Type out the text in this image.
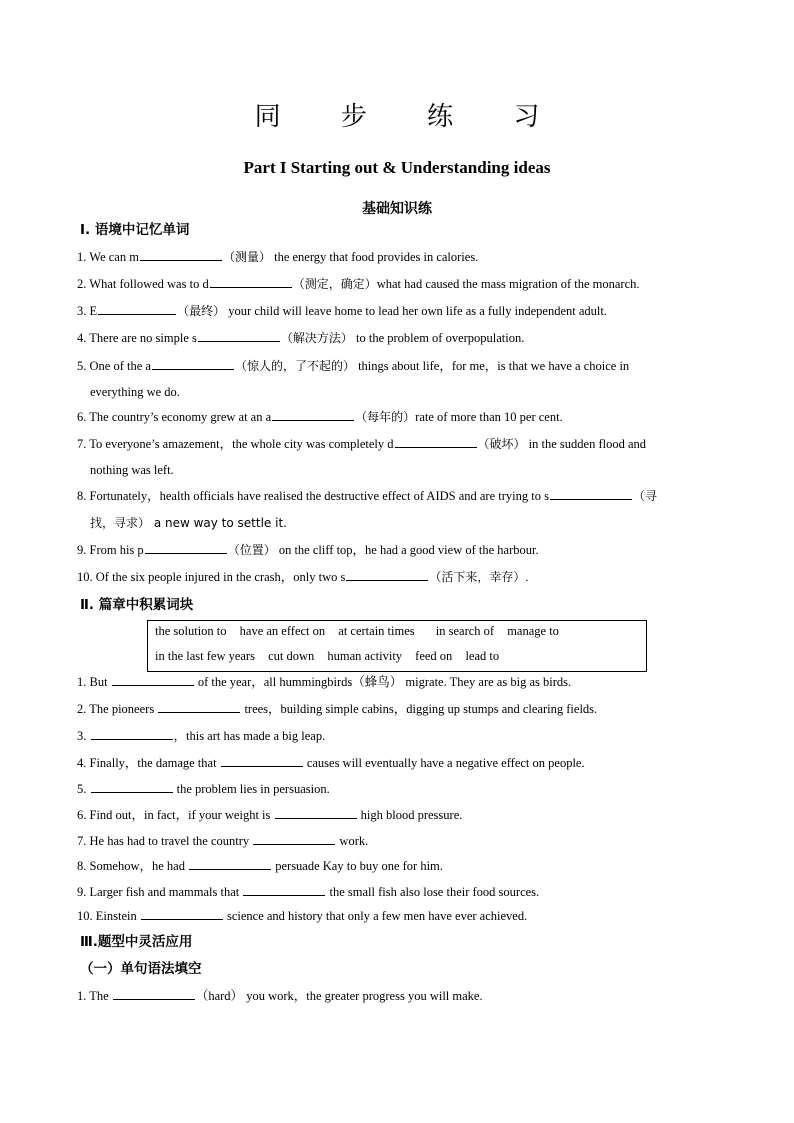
同 步 练 习
Part I Starting out & Understanding ideas
基础知识练
Ⅰ. 语境中记忆单词
1. We can m	（测量） the energy that food provides in calories.
2. What followed was to d	（测定，确定）what had caused the mass migration of the monarch.
3. E	（最终） your child will leave home to lead her own life as a fully independent adult.
4. There are no simple s	（解决方法） to the problem of overpopulation.
5. One of the a	（惊人的，了不起的） things about life，for me，is that we have a choice in
everything we do.
6. The country’s economy grew at an a	（每年的）rate of more than 10 per cent.
7. To everyone’s amazement，the whole city was completely d	（破坏） in the sudden flood and
nothing was left.
8. Fortunately，health officials have realised the destructive effect of AIDS and are trying to s	（寻
找，寻求） a new way to settle it.
9. From his p	（位置） on the cliff top，he had a good view of the harbour.
10. Of the six people injured in the crash，only two s	（活下来，幸存）.
Ⅱ. 篇章中积累词块
the solution to have an effect on at certain times in search of manage to
in the last few years cut down human activity feed on lead to
1. But	of the year，all hummingbirds（蜂鸟） migrate. They are as big as birds.
2. The pioneers	trees，building simple cabins，digging up stumps and clearing fields.
3.	，this art has made a big leap.
4. Finally，the damage that	causes will eventually have a negative effect on people.
5.	the problem lies in persuasion.
6. Find out，in fact，if your weight is	high blood pressure.
7. He has had to travel the country	work.
8. Somehow，he had	persuade Kay to buy one for him.
9. Larger fish and mammals that	the small fish also lose their food sources.
10. Einstein	science and history that only a few men have ever achieved.
Ⅲ.题型中灵活应用
（一）单句语法填空
1. The	（hard） you work，the greater progress you will make.
